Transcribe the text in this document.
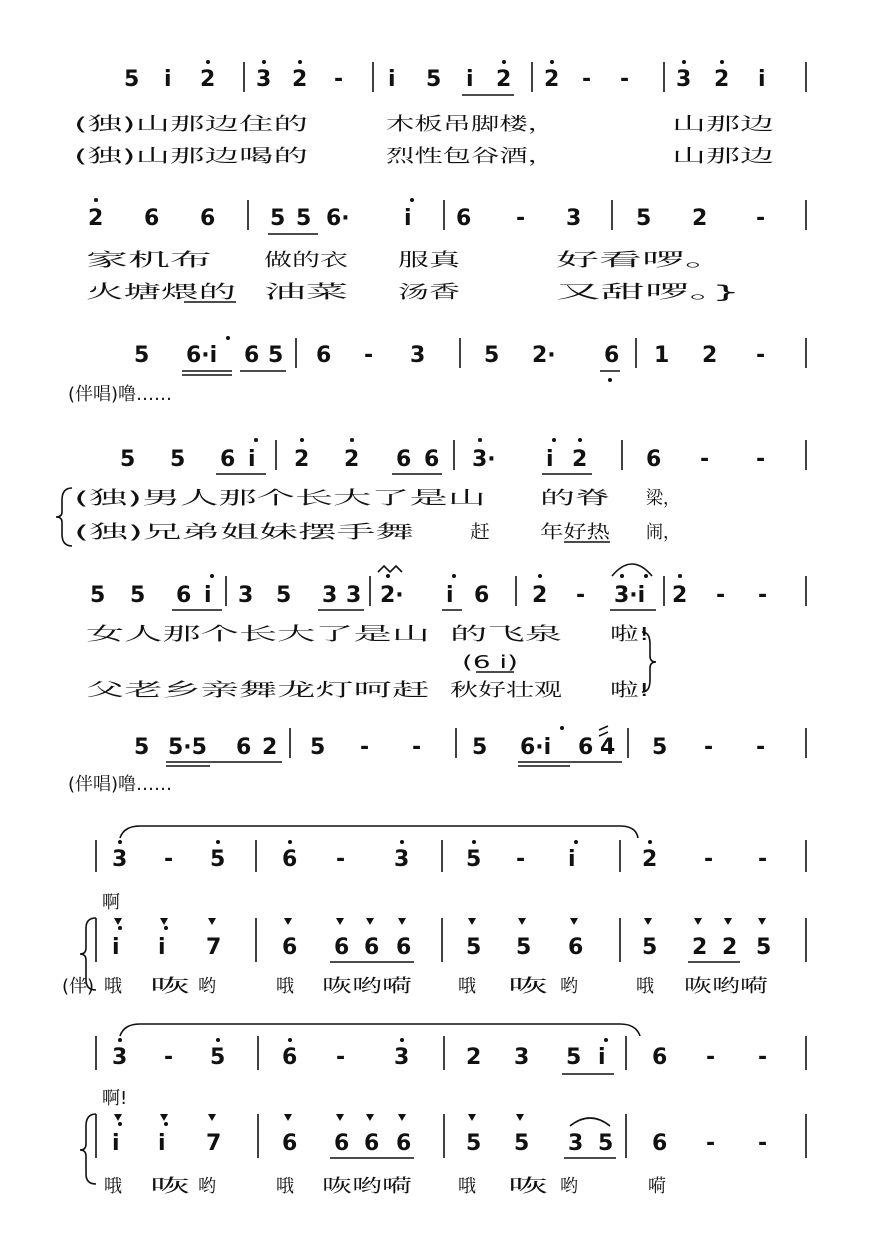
5 i 2 3 2 - i 5 i 2 2 - - 3 2 i
(独)山那边住的	木板吊脚楼，	山那边
(独)山那边喝的	烈性包谷酒，	山那边
2 6 6 5 5 6· i 6 - 3 5 2 -
家机布	做的衣	服真	好看啰。
火塘煨的 油菜	汤香	又甜啰。}
5 6·i 6 5 6 - 3	5 2· 6 1 2 -
(伴唱)噜……
5 5 6 i 2 2 6 6 3· i 2	6 - -
(独)男人那个长大了是山	的脊 梁，
(独)兄弟姐妹摆手舞	赶	年好热	闹，
5 5 6 i 3 5 3 3 2· i 6 2 - 3·i 2 - -
女人那个长大了是山 的飞泉	啦!
(6 i)
父老乡亲舞龙灯呵赶 秋好壮观	啦!
5 5·5 6 2 5 - - 5 6·i 6 4 5 - -
(伴唱)噜……
3 - 5	6 - 3	5 - i	2 - -
啊
i i 7	6 6 6 6 5 5 6	5 2 2 5
(伴) 哦 咴 哟	哦 咴哟嗬	哦 咴 哟	哦 咴哟嗬
3 - 5	6 - 3	2 3 5 i 6 - -
啊!
i i 7	6 6 6 6 5 5 3 5 6 - -
哦 咴 哟	哦 咴哟嗬	哦 咴 哟	嗬
